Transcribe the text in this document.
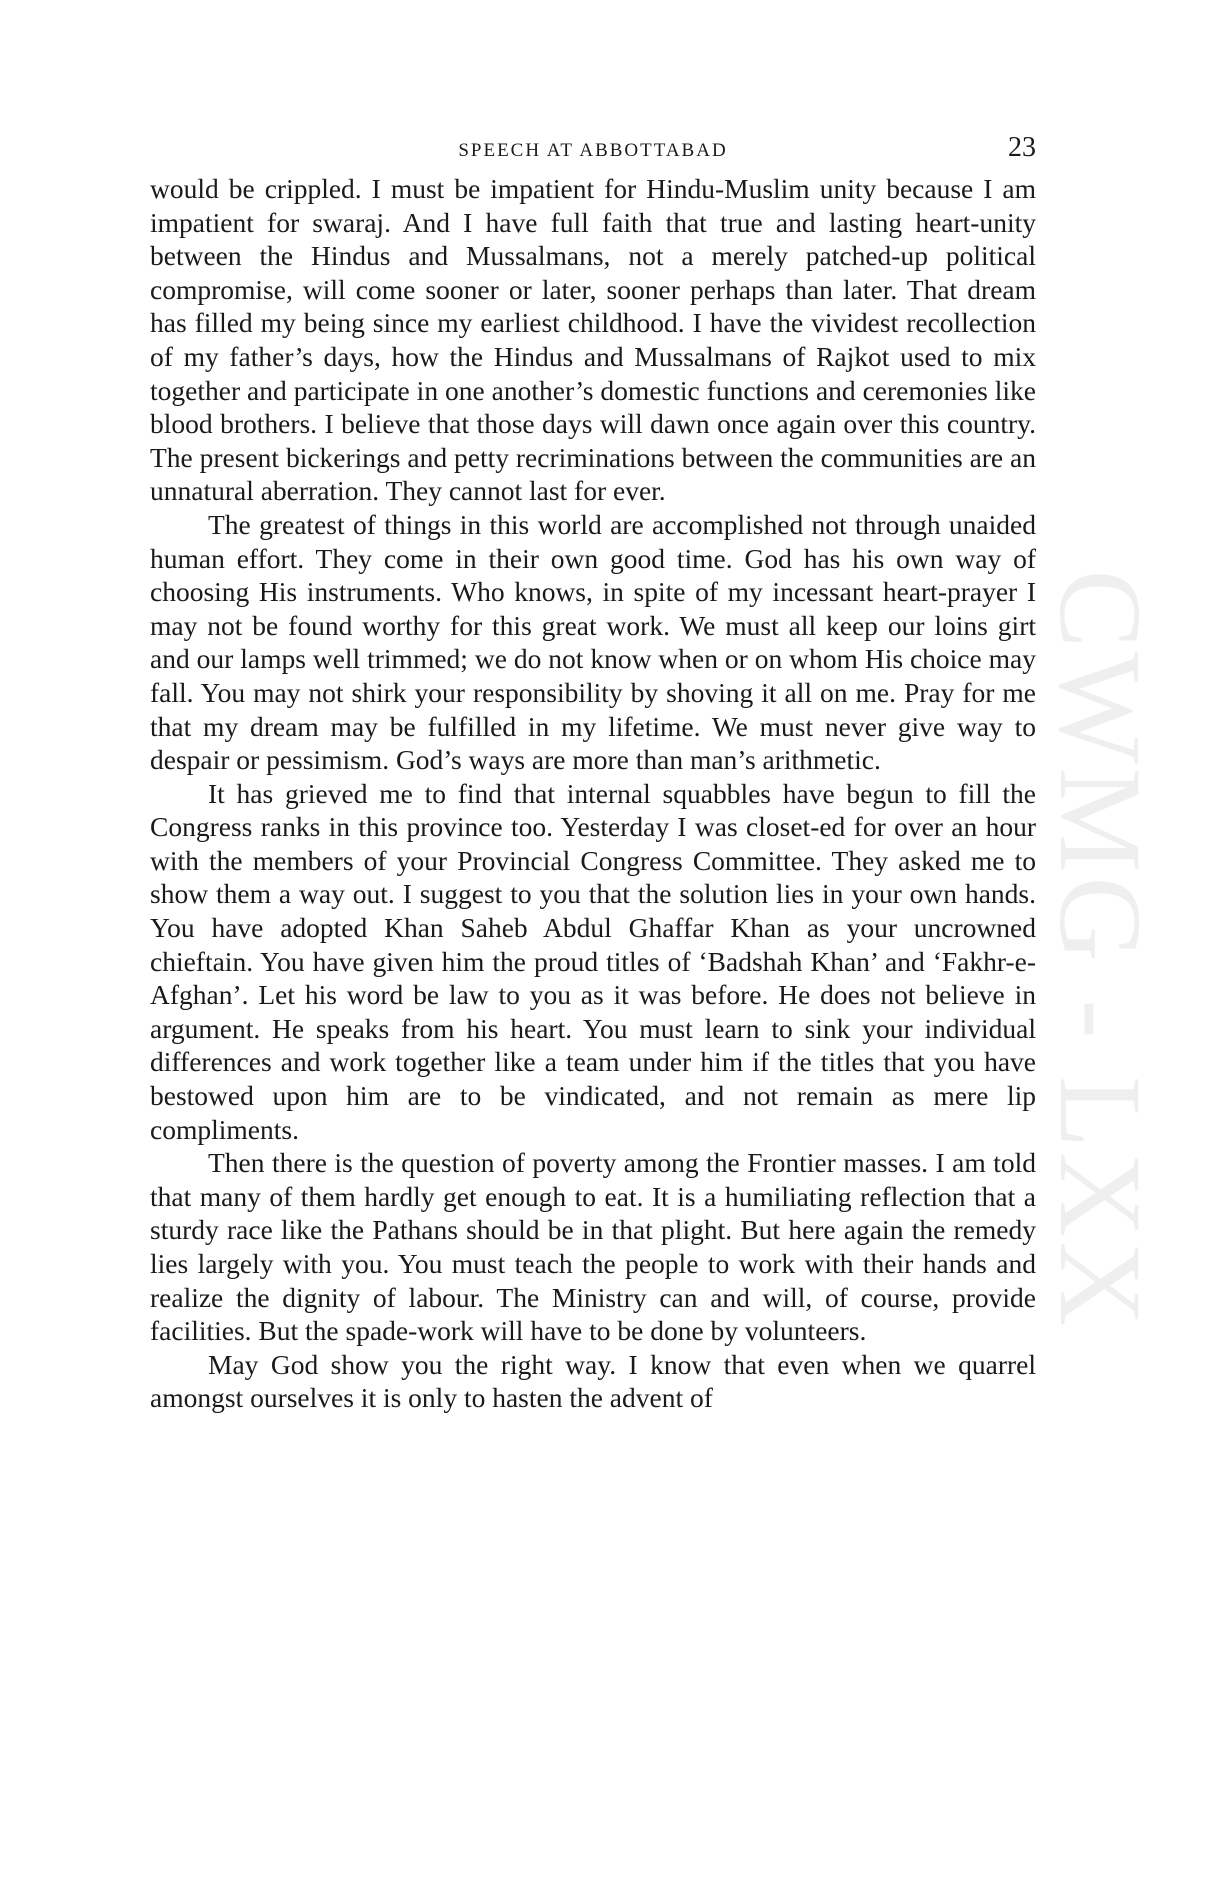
SPEECH AT ABBOTTABAD	23

would be crippled. I must be impatient for Hindu-Muslim unity because I am impatient for swaraj. And I have full faith that true and lasting heart-unity between the Hindus and Mussalmans, not a merely patched-up political compromise, will come sooner or later, sooner perhaps than later. That dream has filled my being since my earliest childhood. I have the vividest recollection of my father’s days, how the Hindus and Mussalmans of Rajkot used to mix together and participate in one another’s domestic functions and ceremonies like blood brothers. I believe that those days will dawn once again over this country. The present bickerings and petty recriminations between the communities are an unnatural aberration. They cannot last for ever.

The greatest of things in this world are accomplished not through unaided human effort. They come in their own good time. God has his own way of choosing His instruments. Who knows, in spite of my incessant heart-prayer I may not be found worthy for this great work. We must all keep our loins girt and our lamps well trimmed; we do not know when or on whom His choice may fall. You may not shirk your responsibility by shoving it all on me. Pray for me that my dream may be fulfilled in my lifetime. We must never give way to despair or pessimism. God’s ways are more than man’s arithmetic.

It has grieved me to find that internal squabbles have begun to fill the Congress ranks in this province too. Yesterday I was closet-ed for over an hour with the members of your Provincial Congress Committee. They asked me to show them a way out. I suggest to you that the solution lies in your own hands. You have adopted Khan Saheb Abdul Ghaffar Khan as your uncrowned chieftain. You have given him the proud titles of ‘Badshah Khan’ and ‘Fakhr-e-Afghan’. Let his word be law to you as it was before. He does not believe in argument. He speaks from his heart. You must learn to sink your individual differences and work together like a team under him if the titles that you have bestowed upon him are to be vindicated, and not remain as mere lip compliments.

Then there is the question of poverty among the Frontier masses. I am told that many of them hardly get enough to eat. It is a humiliating reflection that a sturdy race like the Pathans should be in that plight. But here again the remedy lies largely with you. You must teach the people to work with their hands and realize the dignity of labour. The Ministry can and will, of course, provide facilities. But the spade-work will have to be done by volunteers.

May God show you the right way. I know that even when we quarrel amongst ourselves it is only to hasten the advent of

CWMG - LXX
